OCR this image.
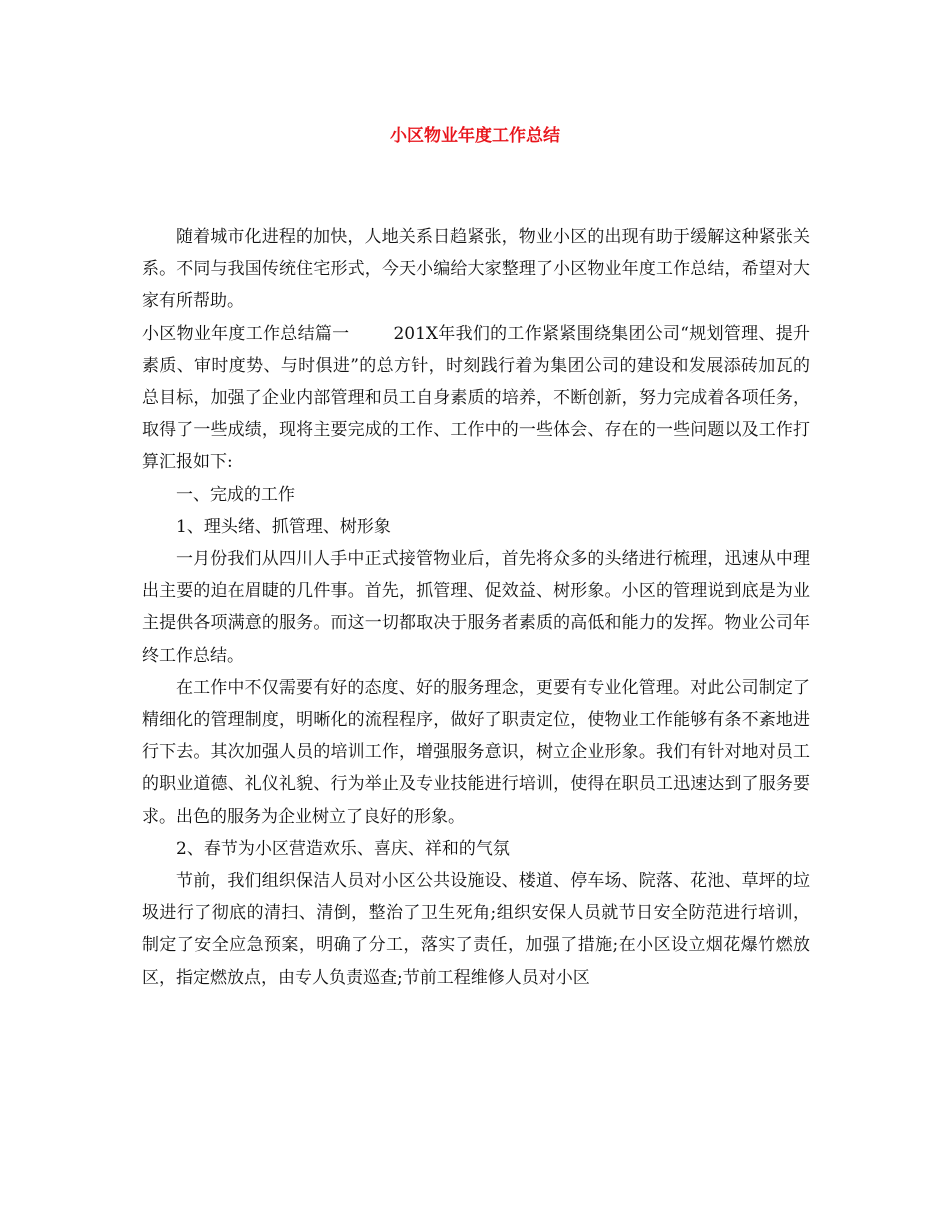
小区物业年度工作总结

随着城市化进程的加快，人地关系日趋紧张，物业小区的出现有助于缓解这种紧张关系。不同与我国传统住宅形式，今天小编给大家整理了小区物业年度工作总结，希望对大家有所帮助。

小区物业年度工作总结篇一	201X年我们的工作紧紧围绕集团公司“规划管理、提升素质、审时度势、与时俱进”的总方针，时刻践行着为集团公司的建设和发展添砖加瓦的总目标，加强了企业内部管理和员工自身素质的培养，不断创新，努力完成着各项任务，取得了一些成绩，现将主要完成的工作、工作中的一些体会、存在的一些问题以及工作打算汇报如下:

一、完成的工作

1、理头绪、抓管理、树形象

一月份我们从四川人手中正式接管物业后，首先将众多的头绪进行梳理，迅速从中理出主要的迫在眉睫的几件事。首先，抓管理、促效益、树形象。小区的管理说到底是为业主提供各项满意的服务。而这一切都取决于服务者素质的高低和能力的发挥。物业公司年终工作总结。

在工作中不仅需要有好的态度、好的服务理念，更要有专业化管理。对此公司制定了精细化的管理制度，明晰化的流程程序，做好了职责定位，使物业工作能够有条不紊地进行下去。其次加强人员的培训工作，增强服务意识，树立企业形象。我们有针对地对员工的职业道德、礼仪礼貌、行为举止及专业技能进行培训，使得在职员工迅速达到了服务要求。出色的服务为企业树立了良好的形象。

2、春节为小区营造欢乐、喜庆、祥和的气氛

节前，我们组织保洁人员对小区公共设施设、楼道、停车场、院落、花池、草坪的垃圾进行了彻底的清扫、清倒，整治了卫生死角;组织安保人员就节日安全防范进行培训，制定了安全应急预案，明确了分工，落实了责任，加强了措施;在小区设立烟花爆竹燃放区，指定燃放点，由专人负责巡查;节前工程维修人员对小区
